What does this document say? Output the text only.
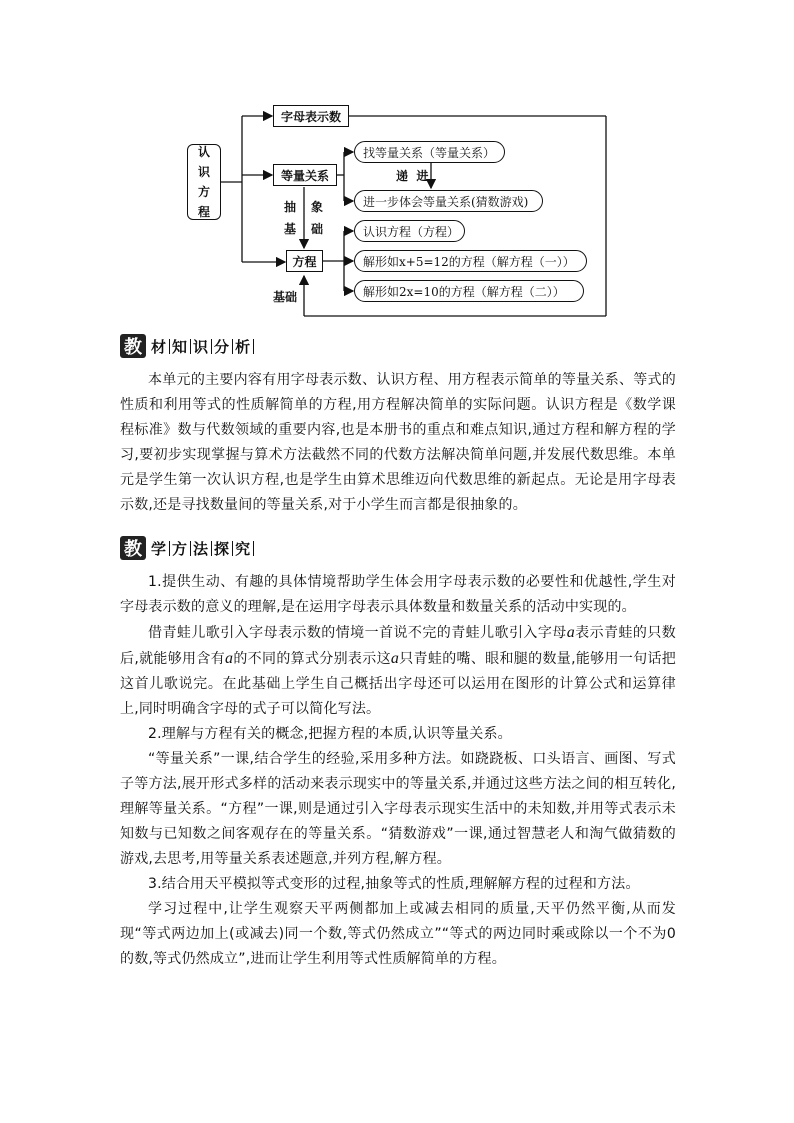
认
识
方
程
字母表示数
等量关系
方程
抽
基
象
础
基础
递  进
找等量关系（等量关系）
进一步体会等量关系(猜数游戏)
认识方程（方程）
解形如x+5=12的方程（解方程（一））
解形如2x=10的方程（解方程（二））
教 材 知 识 分 析

本单元的主要内容有用字母表示数、认识方程、用方程表示简单的等量关系、等式的性质和利用等式的性质解简单的方程,用方程解决简单的实际问题。认识方程是《数学课程标准》数与代数领域的重要内容,也是本册书的重点和难点知识,通过方程和解方程的学习,要初步实现掌握与算术方法截然不同的代数方法解决简单问题,并发展代数思维。本单元是学生第一次认识方程,也是学生由算术思维迈向代数思维的新起点。无论是用字母表示数,还是寻找数量间的等量关系,对于小学生而言都是很抽象的。

教 学 方 法 探 究

1.提供生动、有趣的具体情境帮助学生体会用字母表示数的必要性和优越性,学生对字母表示数的意义的理解,是在运用字母表示具体数量和数量关系的活动中实现的。

借青蛙儿歌引入字母表示数的情境一首说不完的青蛙儿歌引入字母a表示青蛙的只数后,就能够用含有a的不同的算式分别表示这a只青蛙的嘴、眼和腿的数量,能够用一句话把这首儿歌说完。在此基础上学生自己概括出字母还可以运用在图形的计算公式和运算律上,同时明确含字母的式子可以简化写法。

2.理解与方程有关的概念,把握方程的本质,认识等量关系。

“等量关系”一课,结合学生的经验,采用多种方法。如跷跷板、口头语言、画图、写式子等方法,展开形式多样的活动来表示现实中的等量关系,并通过这些方法之间的相互转化,理解等量关系。“方程”一课,则是通过引入字母表示现实生活中的未知数,并用等式表示未知数与已知数之间客观存在的等量关系。“猜数游戏”一课,通过智慧老人和淘气做猜数的游戏,去思考,用等量关系表述题意,并列方程,解方程。

3.结合用天平模拟等式变形的过程,抽象等式的性质,理解解方程的过程和方法。

学习过程中,让学生观察天平两侧都加上或减去相同的质量,天平仍然平衡,从而发现“等式两边加上(或减去)同一个数,等式仍然成立”“等式的两边同时乘或除以一个不为0的数,等式仍然成立”,进而让学生利用等式性质解简单的方程。
